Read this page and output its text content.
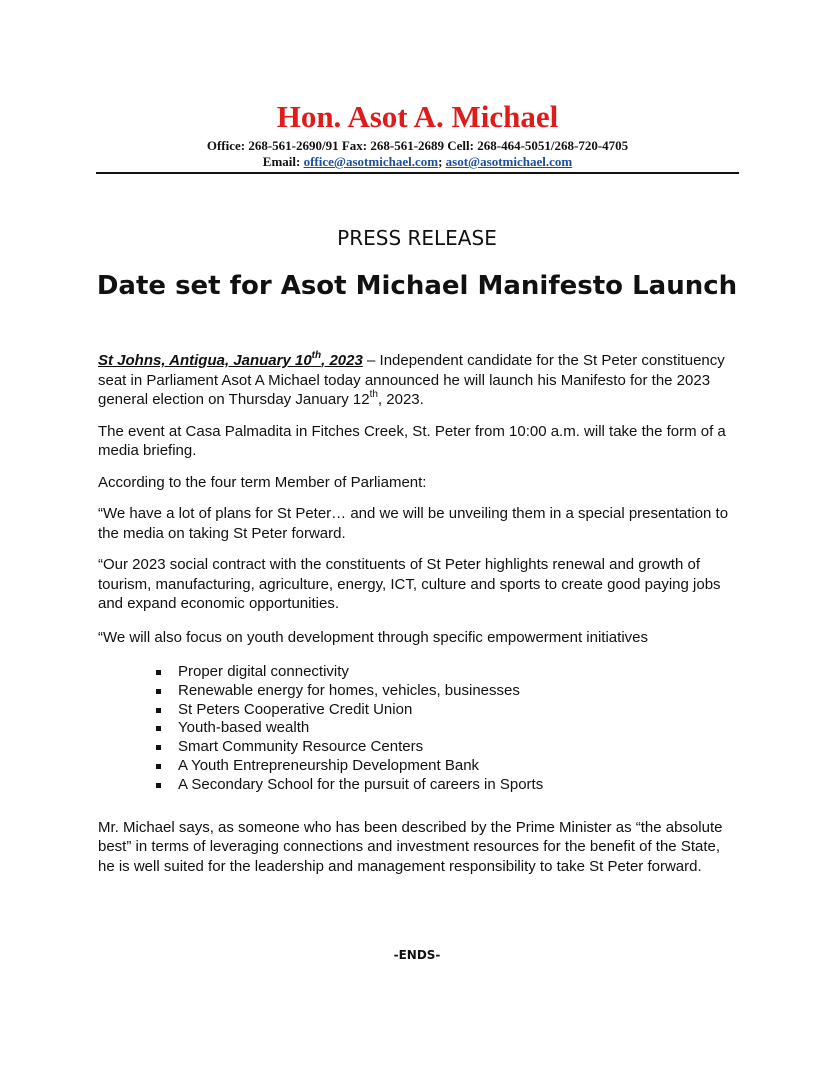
Hon. Asot A. Michael
Office: 268-561-2690/91 Fax: 268-561-2689 Cell: 268-464-5051/268-720-4705
Email: office@asotmichael.com; asot@asotmichael.com
PRESS RELEASE
Date set for Asot Michael Manifesto Launch

St Johns, Antigua, January 10th, 2023 – Independent candidate for the St Peter constituency seat in Parliament Asot A Michael today announced he will launch his Manifesto for the 2023 general election on Thursday January 12th, 2023.

The event at Casa Palmadita in Fitches Creek, St. Peter from 10:00 a.m. will take the form of a media briefing.

According to the four term Member of Parliament:

“We have a lot of plans for St Peter… and we will be unveiling them in a special presentation to the media on taking St Peter forward.

“Our 2023 social contract with the constituents of St Peter highlights renewal and growth of tourism, manufacturing, agriculture, energy, ICT, culture and sports to create good paying jobs and expand economic opportunities.

“We will also focus on youth development through specific empowerment initiatives

Proper digital connectivity
Renewable energy for homes, vehicles, businesses
St Peters Cooperative Credit Union
Youth-based wealth
Smart Community Resource Centers
A Youth Entrepreneurship Development Bank
A Secondary School for the pursuit of careers in Sports

Mr. Michael says, as someone who has been described by the Prime Minister as “the absolute best” in terms of leveraging connections and investment resources for the benefit of the State, he is well suited for the leadership and management responsibility to take St Peter forward.

-ENDS-
